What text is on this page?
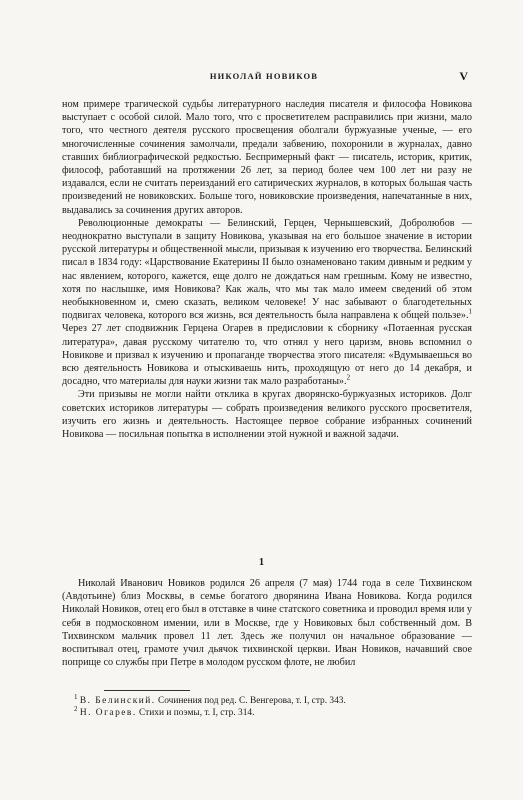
НИКОЛАЙ НОВИКОВ	V

ном примере трагической судьбы литературного наследия писателя и философа Новикова выступает с особой силой. Мало того, что с просветителем расправились при жизни, мало того, что честного деятеля русского просвещения оболгали буржуазные ученые, — его многочисленные сочинения замолчали, предали забвению, похоронили в журналах, давно ставших библиографической редкостью. Беспримерный факт — писатель, историк, критик, философ, работавший на протяжении 26 лет, за период более чем 100 лет ни разу не издавался, если не считать переизданий его сатирических журналов, в которых большая часть произведений не новиковских. Больше того, новиковские произведения, напечатанные в них, выдавались за сочинения других авторов.

Революционные демократы — Белинский, Герцен, Чернышевский, Добролюбов — неоднократно выступали в защиту Новикова, указывая на его большое значение в истории русской литературы и общественной мысли, призывая к изучению его творчества. Белинский писал в 1834 году: «Царствование Екатерины II было ознаменовано таким дивным и редким у нас явлением, которого, кажется, еще долго не дождаться нам грешным. Кому не известно, хотя по наслышке, имя Новикова? Как жаль, что мы так мало имеем сведений об этом необыкновенном и, смею сказать, великом человеке! У нас забывают о благодетельных подвигах человека, которого вся жизнь, вся деятельность была направлена к общей пользе».$^1$ Через 27 лет сподвижник Герцена Огарев в предисловии к сборнику «Потаенная русская литература», давая русскому читателю то, что отнял у него царизм, вновь вспомнил о Новикове и призвал к изучению и пропаганде творчества этого писателя: «Вдумываешься во всю деятельность Новикова и отыскиваешь нить, проходящую от него до 14 декабря, и досадно, что материалы для науки жизни так мало разработаны».$^2$

Эти призывы не могли найти отклика в кругах дворянско-буржуазных историков. Долг советских историков литературы — собрать произведения великого русского просветителя, изучить его жизнь и деятельность. Настоящее первое собрание избранных сочинений Новикова — посильная попытка в исполнении этой нужной и важной задачи.

1

Николай Иванович Новиков родился 26 апреля (7 мая) 1744 года в селе Тихвинском (Авдотьине) близ Москвы, в семье богатого дворянина Ивана Новикова. Когда родился Николай Новиков, отец его был в отставке в чине статского советника и проводил время или у себя в подмосковном имении, или в Москве, где у Новиковых был собственный дом. В Тихвинском мальчик провел 11 лет. Здесь же получил он начальное образование — воспитывал отец, грамоте учил дьячок тихвинской церкви. Иван Новиков, начавший свое поприще со службы при Петре в молодом русском флоте, не любил

$^1$ В. Белинский. Сочинения под ред. С. Венгерова, т. I, стр. 343.

$^2$ Н. Огарев. Стихи и поэмы, т. I, стр. 314.
